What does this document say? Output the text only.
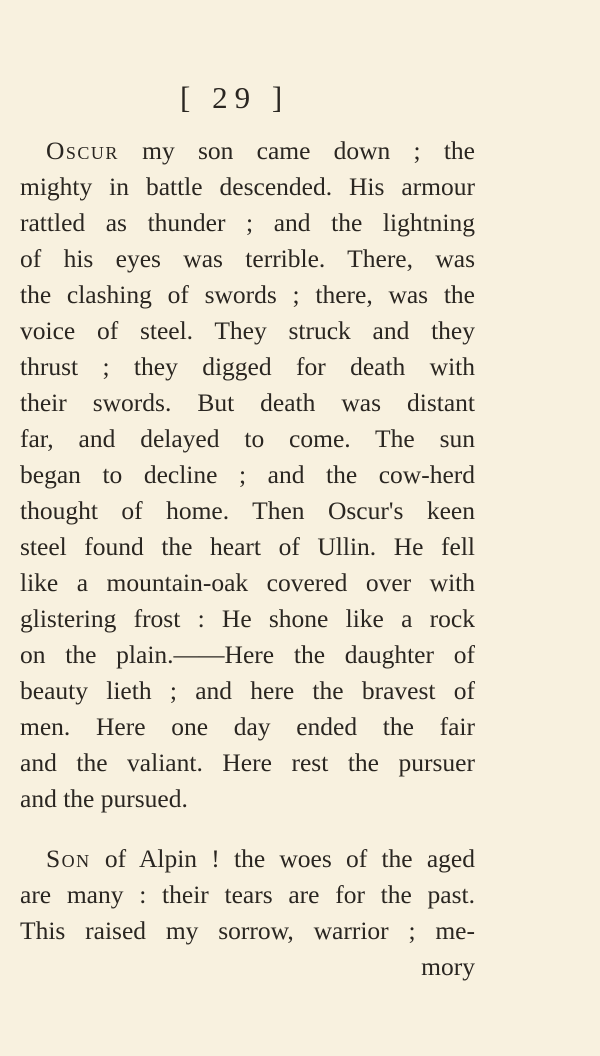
[ 29 ]
Oscur my son came down ; the
mighty in battle descended. His armour
rattled as thunder ; and the lightning
of his eyes was terrible. There, was
the clashing of swords ; there, was the
voice of steel. They struck and they
thrust ; they digged for death with
their swords. But death was distant
far, and delayed to come. The sun
began to decline ; and the cow-herd
thought of home. Then Oscur's keen
steel found the heart of Ullin. He fell
like a mountain-oak covered over with
glistering frost : He shone like a rock
on the plain.——Here the daughter of
beauty lieth ; and here the bravest of
men. Here one day ended the fair
and the valiant. Here rest the pursuer
and the pursued.
Son of Alpin ! the woes of the aged
are many : their tears are for the past.
This raised my sorrow, warrior ; me-
mory
